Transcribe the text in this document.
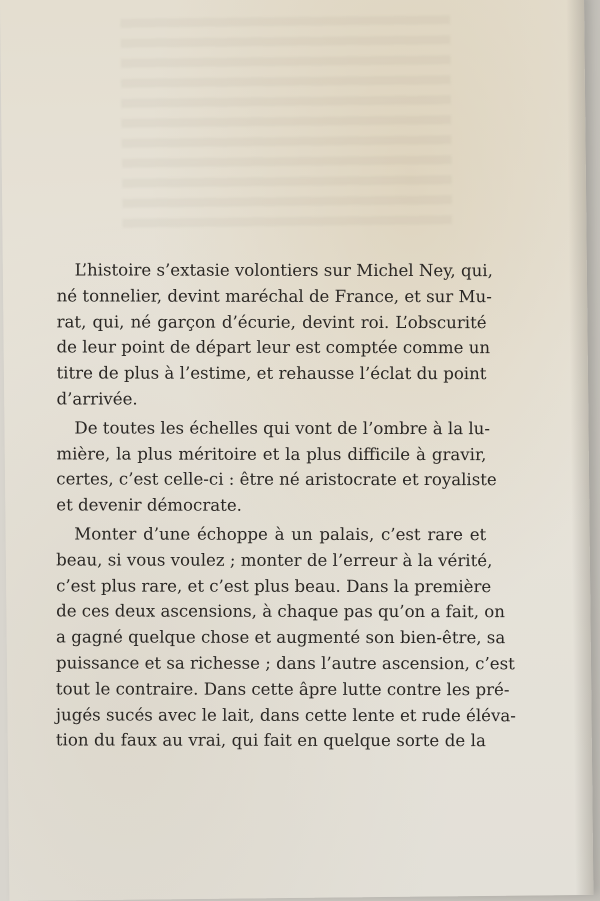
L’histoire s’extasie volontiers sur Michel Ney, qui,
né tonnelier, devint maréchal de France, et sur Mu-
rat, qui, né garçon d’écurie, devint roi. L’obscurité
de leur point de départ leur est comptée comme un
titre de plus à l’estime, et rehausse l’éclat du point
d’arrivée.
De toutes les échelles qui vont de l’ombre à la lu-
mière, la plus méritoire et la plus difficile à gravir,
certes, c’est celle-ci : être né aristocrate et royaliste
et devenir démocrate.
Monter d’une échoppe à un palais, c’est rare et
beau, si vous voulez ; monter de l’erreur à la vérité,
c’est plus rare, et c’est plus beau. Dans la première
de ces deux ascensions, à chaque pas qu’on a fait, on
a gagné quelque chose et augmenté son bien-être, sa
puissance et sa richesse ; dans l’autre ascension, c’est
tout le contraire. Dans cette âpre lutte contre les pré-
jugés sucés avec le lait, dans cette lente et rude éléva-
tion du faux au vrai, qui fait en quelque sorte de la
